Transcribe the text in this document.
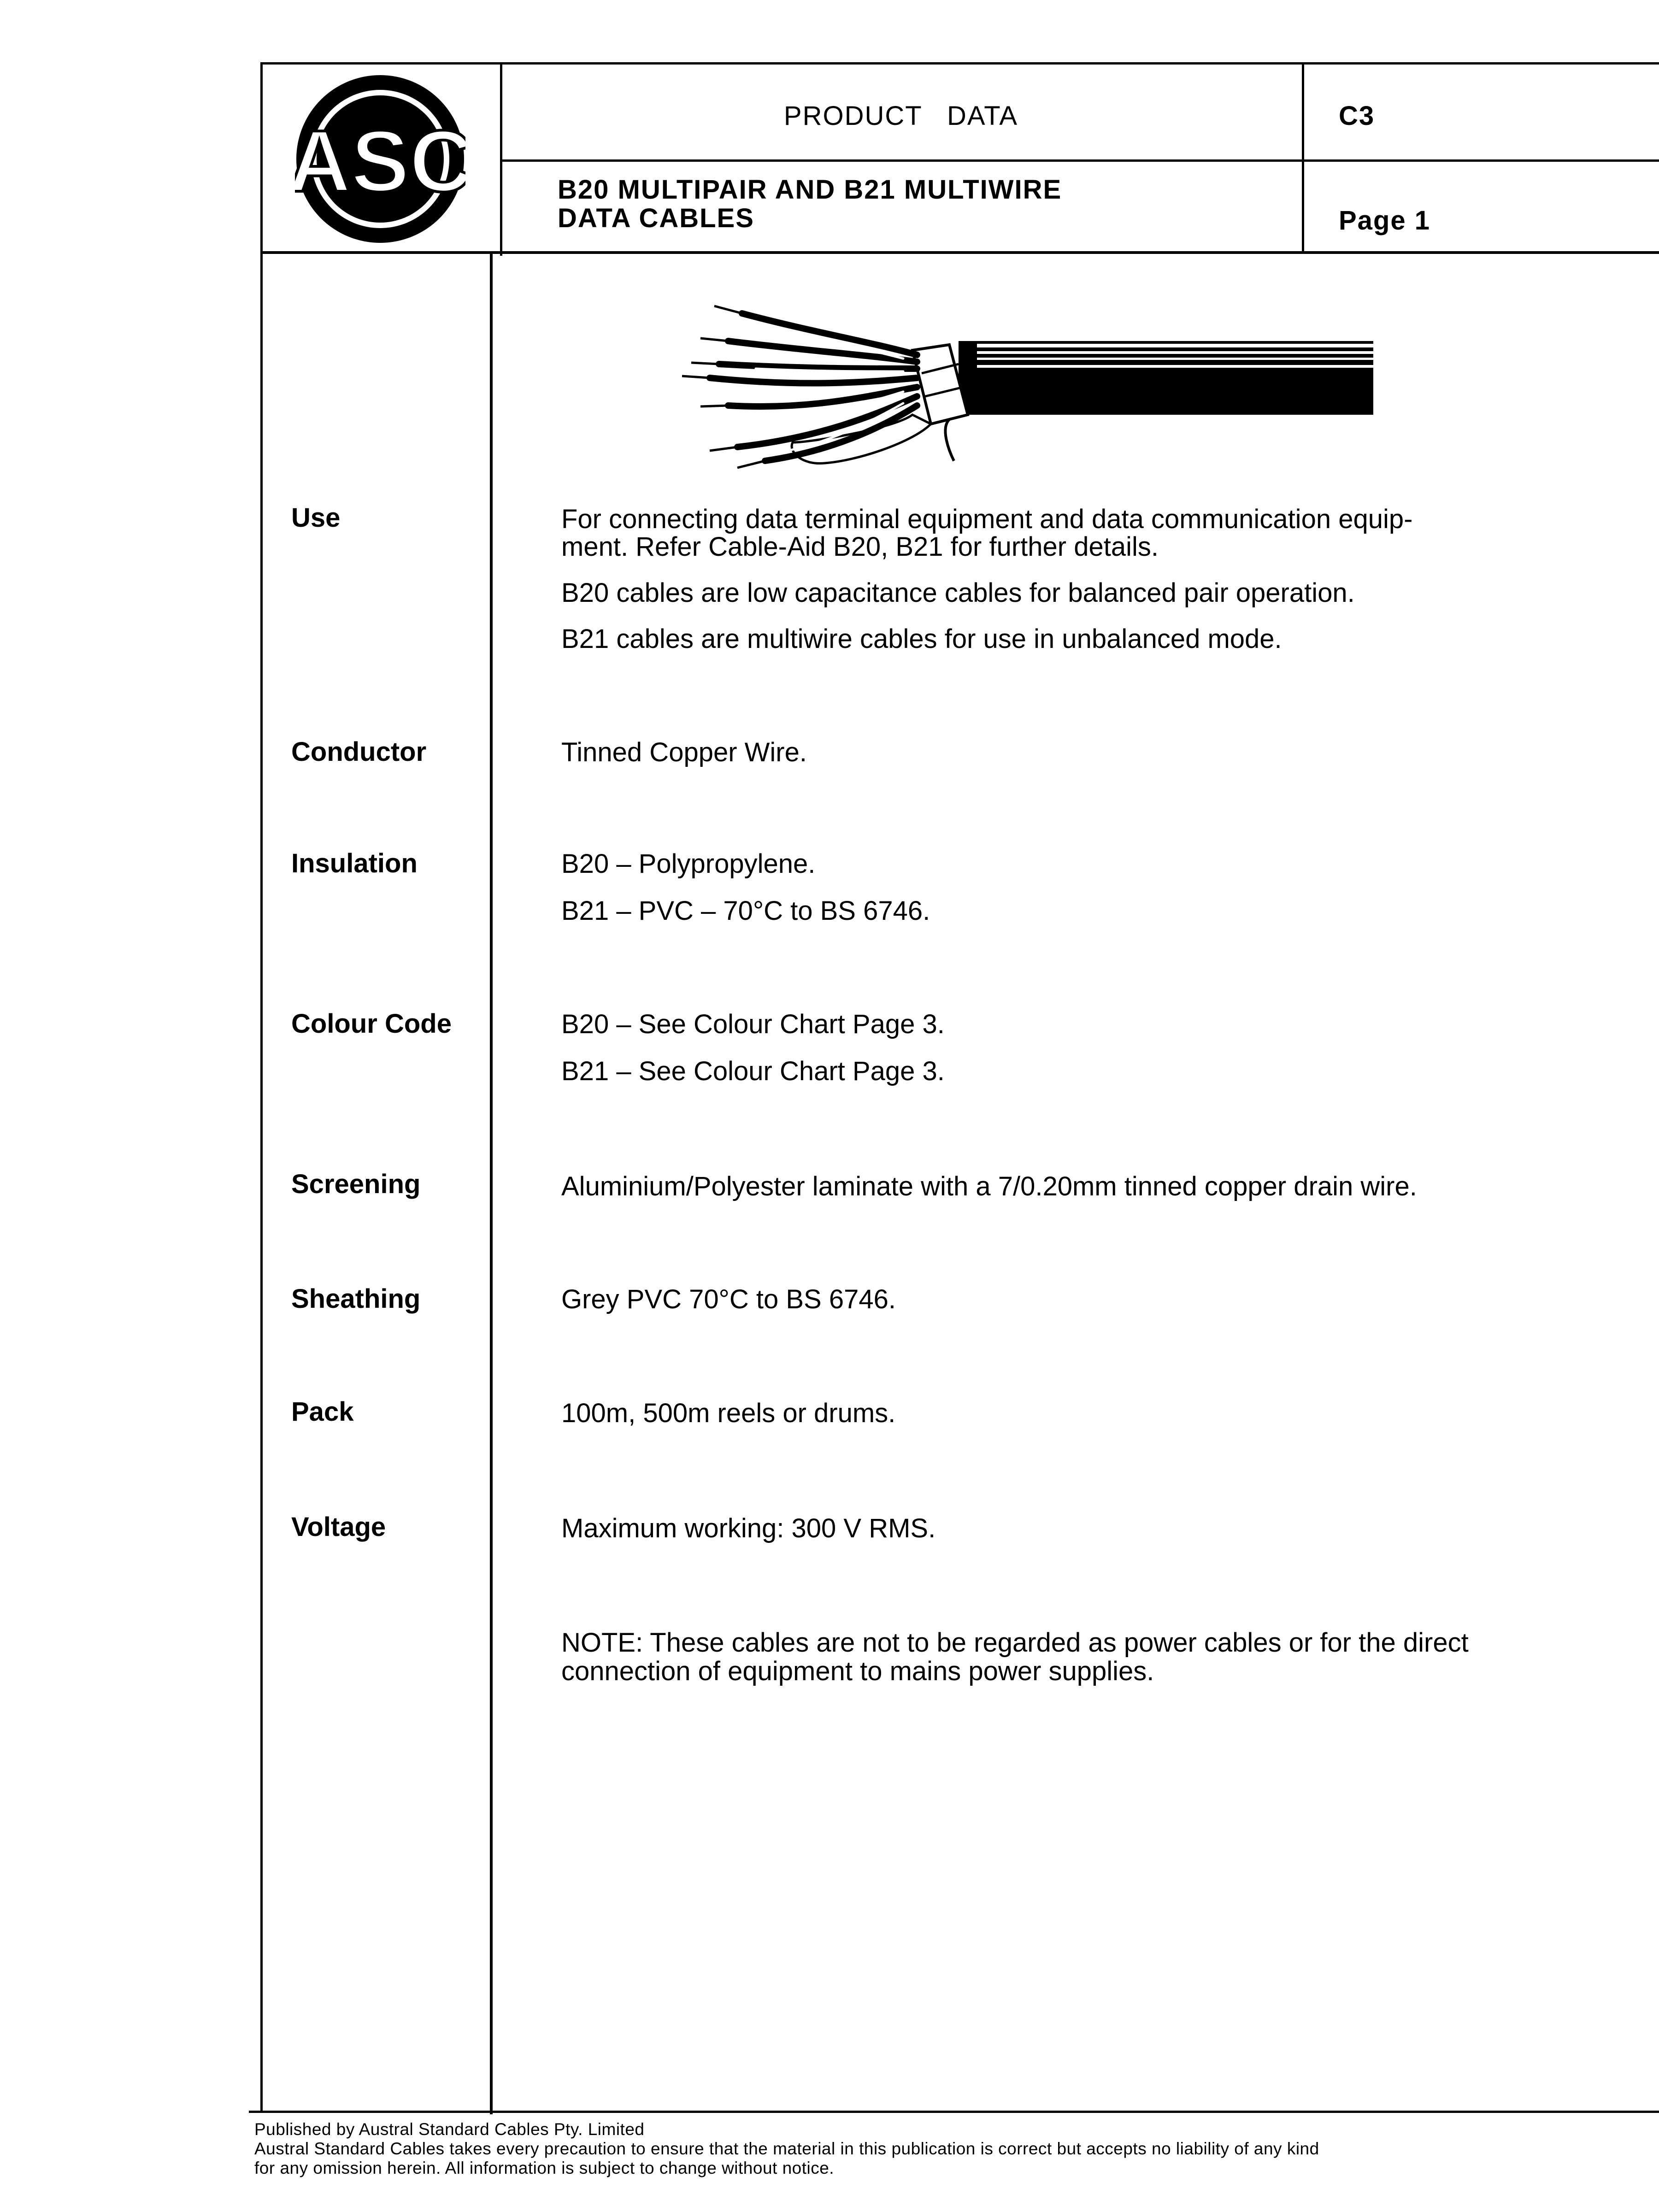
ASC	PRODUCT   DATA	C3
B20 MULTIPAIR AND B21 MULTIWIRE
DATA CABLES	Page 1
Use	For connecting data terminal equipment and data communication equip-
ment. Refer Cable-Aid B20, B21 for further details.
B20 cables are low capacitance cables for balanced pair operation.
B21 cables are multiwire cables for use in unbalanced mode.
Conductor	Tinned Copper Wire.
Insulation	B20 – Polypropylene.
B21 – PVC – 70°C to BS 6746.
Colour Code	B20 – See Colour Chart Page 3.
B21 – See Colour Chart Page 3.
Screening	Aluminium/Polyester laminate with a 7/0.20mm tinned copper drain wire.
Sheathing	Grey PVC 70°C to BS 6746.
Pack	100m, 500m reels or drums.
Voltage	Maximum working: 300 V RMS.
NOTE: These cables are not to be regarded as power cables or for the direct
connection of equipment to mains power supplies.
Published by Austral Standard Cables Pty. Limited
Austral Standard Cables takes every precaution to ensure that the material in this publication is correct but accepts no liability of any kind
for any omission herein. All information is subject to change without notice.
